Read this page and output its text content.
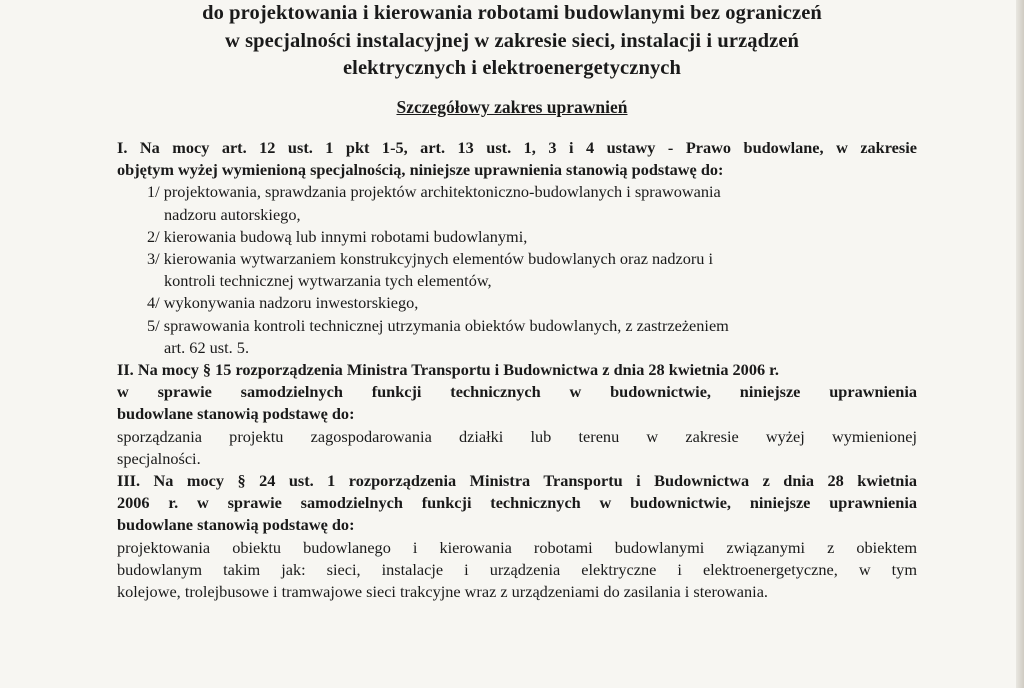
do projektowania i kierowania robotami budowlanymi bez ograniczeń

w specjalności instalacyjnej w zakresie sieci, instalacji i urządzeń

elektrycznych i elektroenergetycznych

Szczegółowy zakres uprawnień

I. Na mocy art. 12 ust. 1 pkt 1-5, art. 13 ust. 1, 3 i 4 ustawy - Prawo budowlane, w zakresie

objętym wyżej wymienioną specjalnością, niniejsze uprawnienia stanowią podstawę do:

1/ projektowania, sprawdzania projektów architektoniczno-budowlanych i sprawowania

nadzoru autorskiego,

2/ kierowania budową lub innymi robotami budowlanymi,

3/ kierowania wytwarzaniem konstrukcyjnych elementów budowlanych oraz nadzoru i

kontroli technicznej wytwarzania tych elementów,

4/ wykonywania nadzoru inwestorskiego,

5/ sprawowania kontroli technicznej utrzymania obiektów budowlanych, z zastrzeżeniem

art. 62 ust. 5.

II. Na mocy § 15 rozporządzenia Ministra Transportu i Budownictwa z dnia 28 kwietnia 2006 r.

w sprawie samodzielnych funkcji technicznych w budownictwie, niniejsze uprawnienia

budowlane stanowią podstawę do:

sporządzania projektu zagospodarowania działki lub terenu w zakresie wyżej wymienionej

specjalności.

III. Na mocy § 24 ust. 1 rozporządzenia Ministra Transportu i Budownictwa z dnia 28 kwietnia

2006 r. w sprawie samodzielnych funkcji technicznych w budownictwie, niniejsze uprawnienia

budowlane stanowią podstawę do:

projektowania obiektu budowlanego i kierowania robotami budowlanymi związanymi z obiektem

budowlanym takim jak: sieci, instalacje i urządzenia elektryczne i elektroenergetyczne, w tym

kolejowe, trolejbusowe i tramwajowe sieci trakcyjne wraz z urządzeniami do zasilania i sterowania.
